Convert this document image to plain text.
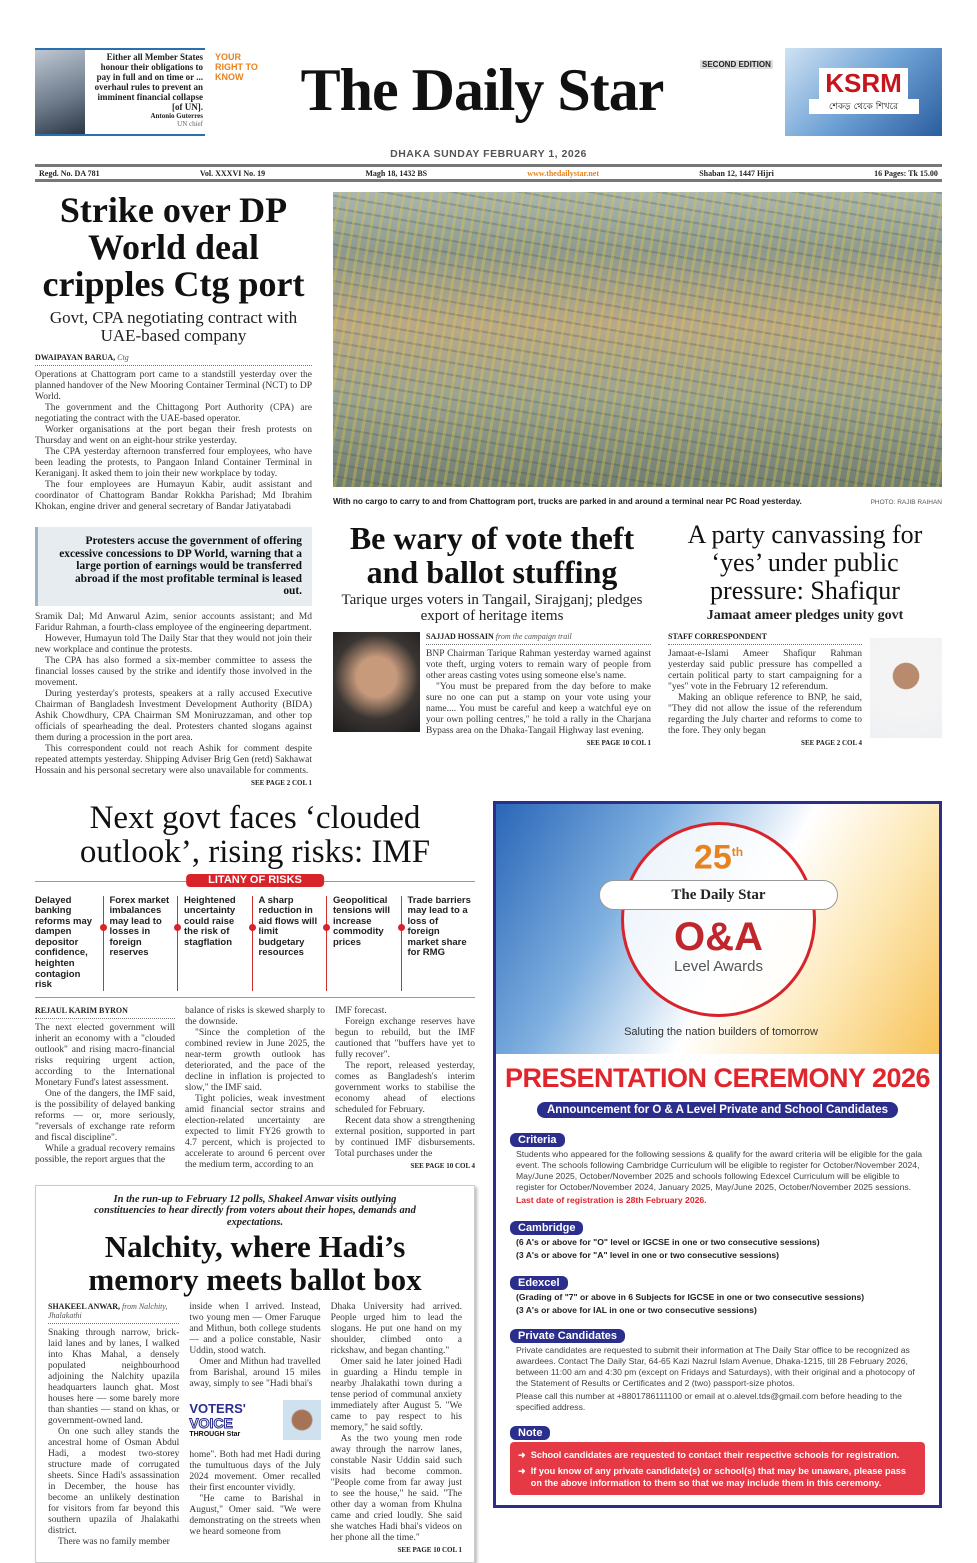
Either all Member States honour their obligations to pay in full and on time or ... overhaul rules to prevent an imminent financial collapse [of UN].
Antonio Guterres
UN chief
YOUR RIGHT TO KNOW The Daily Star	SECOND EDITION
KSRM
শেকড় থেকে শিখরে
DHAKA SUNDAY FEBRUARY 1, 2026
Regd. No. DA 781	Vol. XXXVI No. 19	Magh 18, 1432 BS	www.thedailystar.net	Shaban 12, 1447 Hijri	16 Pages: Tk 15.00
Strike over DP World deal cripples Ctg port
Govt, CPA negotiating contract with UAE-based company
DWAIPAYAN BARUA, Ctg

Operations at Chattogram port came to a standstill yesterday over the planned handover of the New Mooring Container Terminal (NCT) to DP World.

The government and the Chittagong Port Authority (CPA) are negotiating the contract with the UAE-based operator.

Worker organisations at the port began their fresh protests on Thursday and went on an eight-hour strike yesterday.

The CPA yesterday afternoon transferred four employees, who have been leading the protests, to Pangaon Inland Container Terminal in Keraniganj. It asked them to join their new workplace by today.

The four employees are Humayun Kabir, audit assistant and coordinator of Chattogram Bandar Rokkha Parishad; Md Ibrahim Khokan, engine driver and general secretary of Bandar Jatiyatabadi

Protesters accuse the government of offering excessive concessions to DP World, warning that a large portion of earnings would be transferred abroad if the most profitable terminal is leased out.

Sramik Dal; Md Anwarul Azim, senior accounts assistant; and Md Faridur Rahman, a fourth-class employee of the engineering department.

However, Humayun told The Daily Star that they would not join their new workplace and continue the protests.

The CPA has also formed a six-member committee to assess the financial losses caused by the strike and identify those involved in the movement.

During yesterday's protests, speakers at a rally accused Executive Chairman of Bangladesh Investment Development Authority (BIDA) Ashik Chowdhury, CPA Chairman SM Moniruzzaman, and other top officials of spearheading the deal. Protesters chanted slogans against them during a procession in the port area.

This correspondent could not reach Ashik for comment despite repeated attempts yesterday. Shipping Adviser Brig Gen (retd) Sakhawat Hossain and his personal secretary were also unavailable for comments.

SEE PAGE 2 COL 1
With no cargo to carry to and from Chattogram port, trucks are parked in and around a terminal near PC Road yesterday.	PHOTO: RAJIB RAIHAN
Be wary of vote theft and ballot stuffing
Tarique urges voters in Tangail, Sirajganj; pledges export of heritage items
SAJJAD HOSSAIN from the campaign trail

BNP Chairman Tarique Rahman yesterday warned against vote theft, urging voters to remain wary of people from other areas casting votes using someone else's name.

"You must be prepared from the day before to make sure no one can put a stamp on your vote using your name.... You must be careful and keep a watchful eye on your own polling centres," he told a rally in the Charjana Bypass area on the Dhaka-Tangail Highway last evening.

SEE PAGE 10 COL 1
A party canvassing for ‘yes’ under public pressure: Shafiqur
Jamaat ameer pledges unity govt
STAFF CORRESPONDENT

Jamaat-e-Islami Ameer Shafiqur Rahman yesterday said public pressure has compelled a certain political party to start campaigning for a "yes" vote in the February 12 referendum.

Making an oblique reference to BNP, he said, "They did not allow the issue of the referendum regarding the July charter and reforms to come to the fore. They only began

SEE PAGE 2 COL 4
Next govt faces ‘clouded outlook’, rising risks: IMF
LITANY OF RISKS
Delayed banking reforms may dampen depositor confidence, heighten contagion risk
Forex market imbalances may lead to losses in foreign reserves
Heightened uncertainty could raise the risk of stagflation
A sharp reduction in aid flows will limit budgetary resources
Geopolitical tensions will increase commodity prices
Trade barriers may lead to a loss of foreign market share for RMG
REJAUL KARIM BYRON

The next elected government will inherit an economy with a "clouded outlook" and rising macro-financial risks requiring urgent action, according to the International Monetary Fund's latest assessment.

One of the dangers, the IMF said, is the possibility of delayed banking reforms — or, more seriously, "reversals of exchange rate reform and fiscal discipline".

While a gradual recovery remains possible, the report argues that the

balance of risks is skewed sharply to the downside.

"Since the completion of the combined review in June 2025, the near-term growth outlook has deteriorated, and the pace of the decline in inflation is projected to slow," the IMF said.

Tight policies, weak investment amid financial sector strains and election-related uncertainty are expected to limit FY26 growth to 4.7 percent, which is projected to accelerate to around 6 percent over the medium term, according to an

IMF forecast.

Foreign exchange reserves have begun to rebuild, but the IMF cautioned that "buffers have yet to fully recover".

The report, released yesterday, comes as Bangladesh's interim government works to stabilise the economy ahead of elections scheduled for February.

Recent data show a strengthening external position, supported in part by continued IMF disbursements. Total purchases under the

SEE PAGE 10 COL 4
In the run-up to February 12 polls, Shakeel Anwar visits outlying constituencies to hear directly from voters about their hopes, demands and expectations.
Nalchity, where Hadi’s memory meets ballot box
SHAKEEL ANWAR, from Nalchity, Jhalakathi

Snaking through narrow, brick-laid lanes and by lanes, I walked into Khas Mahal, a densely populated neighbourhood adjoining the Nalchity upazila headquarters launch ghat. Most houses here — some barely more than shanties — stand on khas, or government-owned land.

On one such alley stands the ancestral home of Osman Abdul Hadi, a modest two-storey structure made of corrugated sheets. Since Hadi's assassination in December, the house has become an unlikely destination for visitors from far beyond this southern upazila of Jhalakathi district.

There was no family member

inside when I arrived. Instead, two young men — Omer Faruque and Mithun, both college students — and a police constable, Nasir Uddin, stood watch.

Omer and Mithun had travelled from Barishal, around 15 miles away, simply to see "Hadi bhai's

VOTERS'
VOICE
THROUGH Star

home". Both had met Hadi during the tumultuous days of the July 2024 movement. Omer recalled their first encounter vividly.

"He came to Barishal in August," Omer said. "We were demonstrating on the streets when we heard someone from

Dhaka University had arrived. People urged him to lead the slogans. He put one hand on my shoulder, climbed onto a rickshaw, and began chanting."

Omer said he later joined Hadi in guarding a Hindu temple in nearby Jhalakathi town during a tense period of communal anxiety immediately after August 5. "We came to pay respect to his memory," he said softly.

As the two young men rode away through the narrow lanes, constable Nasir Uddin said such visits had become common. "People come from far away just to see the house," he said. "The other day a woman from Khulna came and cried loudly. She said she watches Hadi bhai's videos on her phone all the time."

SEE PAGE 10 COL 1
25th
The Daily Star
O&A
Level Awards
Saluting the nation builders of tomorrow
PRESENTATION CEREMONY 2026
Announcement for O & A Level Private and School Candidates
Criteria
Students who appeared for the following sessions & qualify for the award criteria will be eligible for the gala event. The schools following Cambridge Curriculum will be eligible to register for October/November 2024, May/June 2025, October/November 2025 and schools following Edexcel Curriculum will be eligible to register for October/November 2024, January 2025, May/June 2025, October/November 2025 sessions.
Last date of registration is 28th February 2026.
Cambridge
(6 A's or above for "O" level or IGCSE in one or two consecutive sessions)
(3 A's or above for "A" level in one or two consecutive sessions)
Edexcel
(Grading of "7" or above in 6 Subjects for IGCSE in one or two consecutive sessions)
(3 A's or above for IAL in one or two consecutive sessions)
Private Candidates
Private candidates are requested to submit their information at The Daily Star office to be recognized as awardees. Contact The Daily Star, 64-65 Kazi Nazrul Islam Avenue, Dhaka-1215, till 28 February 2026, between 11:00 am and 4:30 pm (except on Fridays and Saturdays), with their original and a photocopy of the Statement of Results or Certificates and 2 (two) passport-size photos.
Please call this number at +8801786111100 or email at o.alevel.tds@gmail.com before heading to the specified address.
Note
➜ School candidates are requested to contact their respective schools for registration.
➜ If you know of any private candidate(s) or school(s) that may be unaware, please pass on the above information to them so that we may include them in this ceremony.
